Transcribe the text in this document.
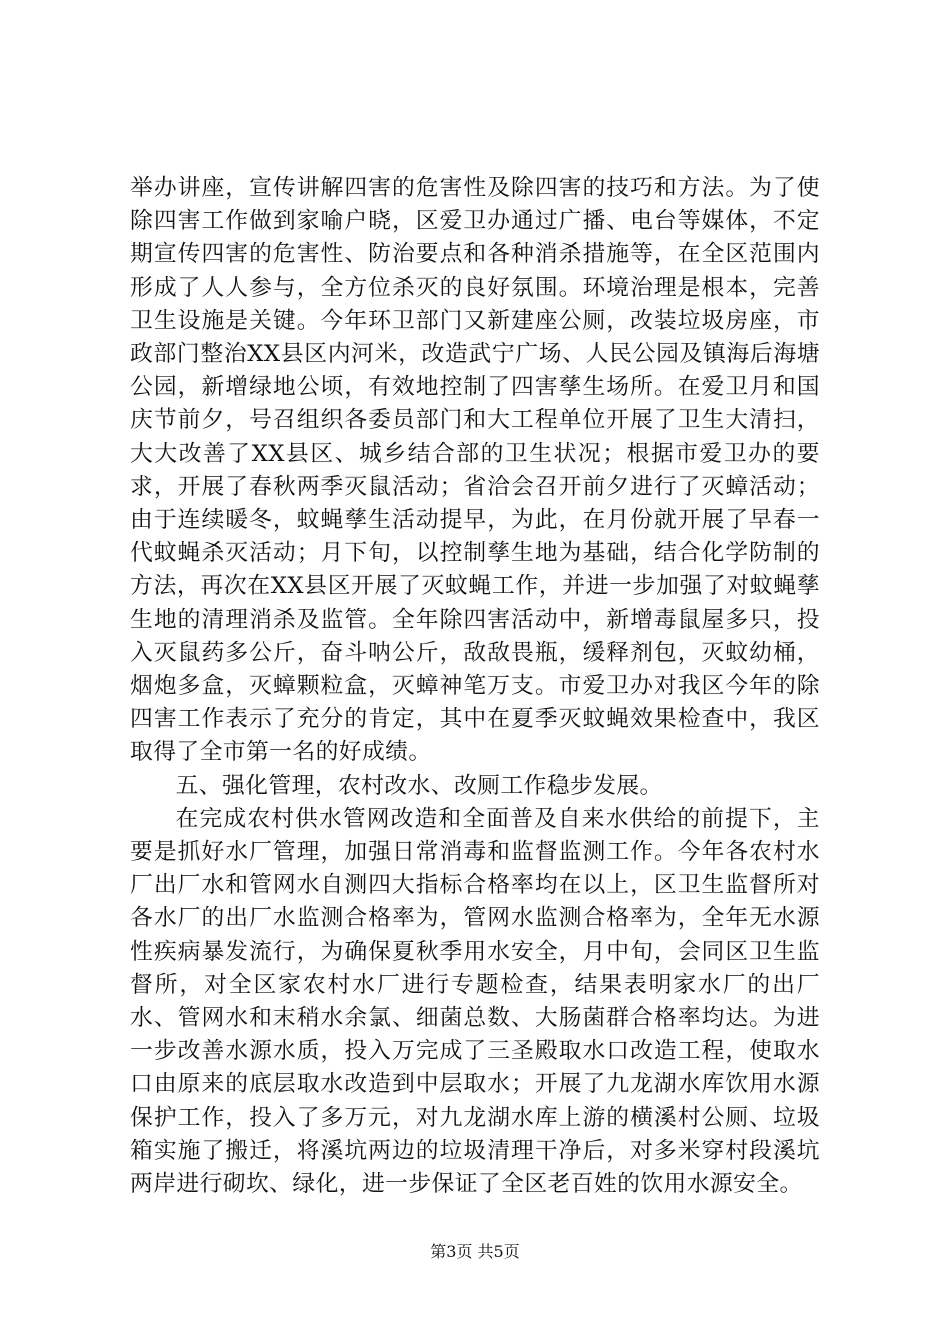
举办讲座，宣传讲解四害的危害性及除四害的技巧和方法。为了使除四害工作做到家喻户晓，区爱卫办通过广播、电台等媒体，不定期宣传四害的危害性、防治要点和各种消杀措施等，在全区范围内形成了人人参与，全方位杀灭的良好氛围。环境治理是根本，完善卫生设施是关键。今年环卫部门又新建座公厕，改装垃圾房座，市政部门整治XX县区内河米，改造武宁广场、人民公园及镇海后海塘公园，新增绿地公顷，有效地控制了四害孳生场所。在爱卫月和国庆节前夕，号召组织各委员部门和大工程单位开展了卫生大清扫，大大改善了XX县区、城乡结合部的卫生状况；根据市爱卫办的要求，开展了春秋两季灭鼠活动；省洽会召开前夕进行了灭蟑活动；由于连续暖冬，蚊蝇孳生活动提早，为此，在月份就开展了早春一代蚊蝇杀灭活动；月下旬，以控制孳生地为基础，结合化学防制的方法，再次在XX县区开展了灭蚊蝇工作，并进一步加强了对蚊蝇孳生地的清理消杀及监管。全年除四害活动中，新增毒鼠屋多只，投入灭鼠药多公斤，奋斗呐公斤，敌敌畏瓶，缓释剂包，灭蚊幼桶，烟炮多盒，灭蟑颗粒盒，灭蟑神笔万支。市爱卫办对我区今年的除四害工作表示了充分的肯定，其中在夏季灭蚊蝇效果检查中，我区取得了全市第一名的好成绩。

五、强化管理，农村改水、改厕工作稳步发展。

在完成农村供水管网改造和全面普及自来水供给的前提下，主要是抓好水厂管理，加强日常消毒和监督监测工作。今年各农村水厂出厂水和管网水自测四大指标合格率均在以上，区卫生监督所对各水厂的出厂水监测合格率为，管网水监测合格率为，全年无水源性疾病暴发流行，为确保夏秋季用水安全，月中旬，会同区卫生监督所，对全区家农村水厂进行专题检查，结果表明家水厂的出厂水、管网水和末稍水余氯、细菌总数、大肠菌群合格率均达。为进一步改善水源水质，投入万完成了三圣殿取水口改造工程，使取水口由原来的底层取水改造到中层取水；开展了九龙湖水库饮用水源保护工作，投入了多万元，对九龙湖水库上游的横溪村公厕、垃圾箱实施了搬迁，将溪坑两边的垃圾清理干净后，对多米穿村段溪坑两岸进行砌坎、绿化，进一步保证了全区老百姓的饮用水源安全。

第3页 共5页
